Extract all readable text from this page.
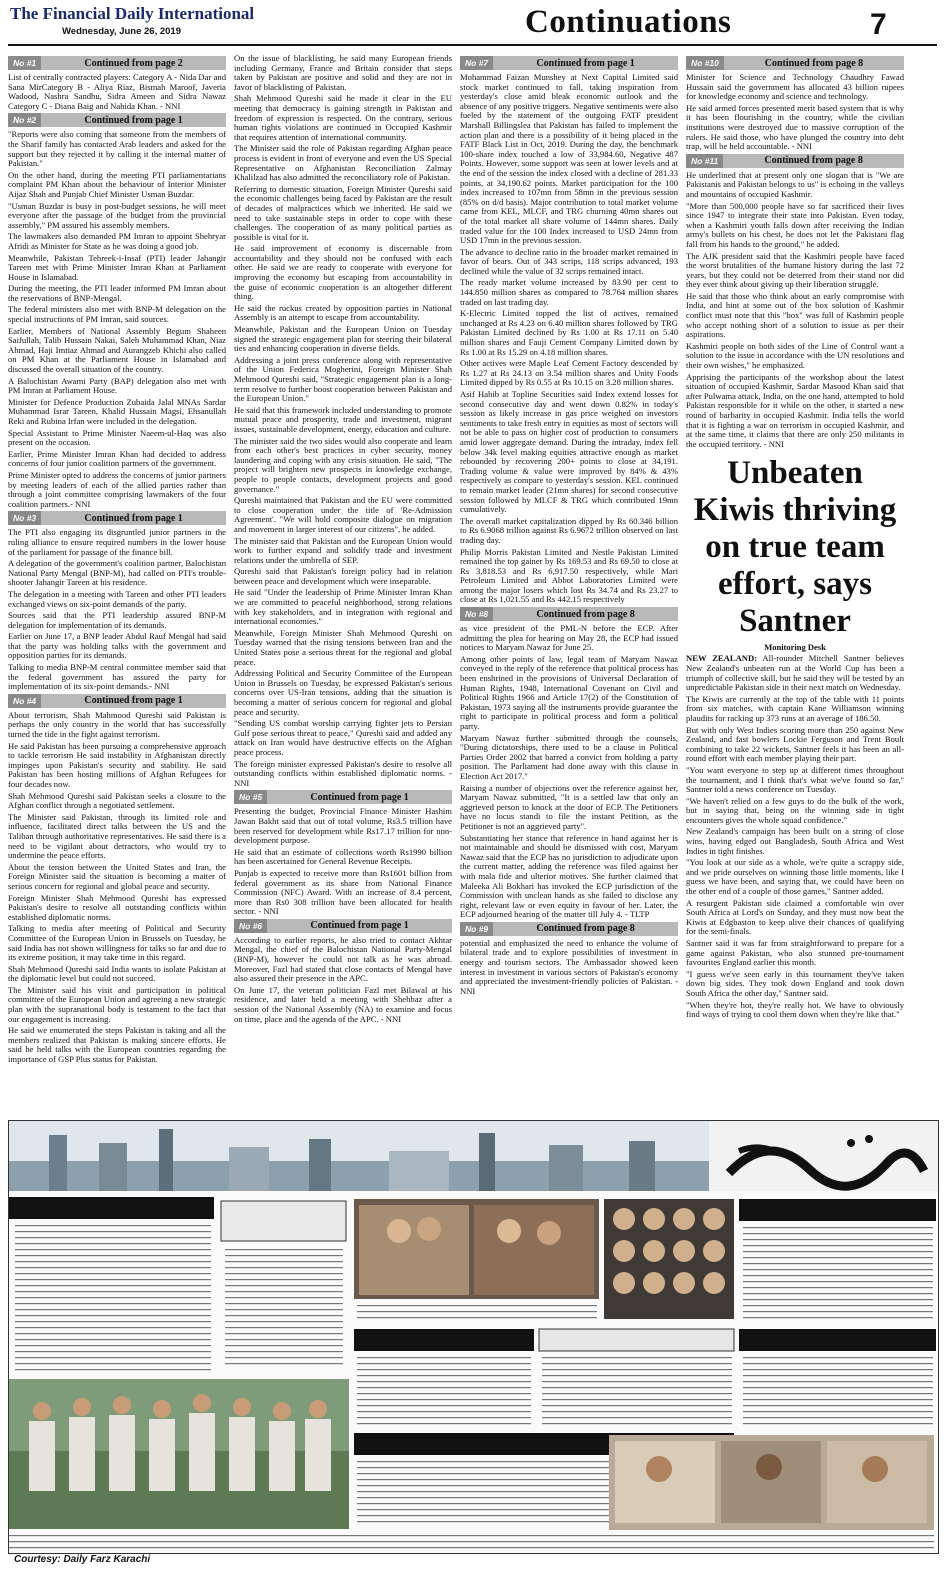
The Financial Daily International
Wednesday, June 26, 2019	Continuations	7
No #1	Continued from page 2

List of centrally contracted players: Category A - Nida Dar and Sana MirCategory B - Aliya Riaz, Bismah Maroof, Javeria Wadood, Nashra Sandhu, Sidra Ameen and Sidra Nawaz Category C - Diana Baig and Nahida Khan. - NNI

No #2	Continued from page 1

"Reports were also coming that someone from the members of the Sharif family has contacted Arab leaders and asked for the support but they rejected it by calling it the internal matter of Pakistan."

On the other hand, during the meeting PTI parliamentarians complaint PM Khan about the behaviour of Interior Minister Aijaz Shah and Punjab Chief Minister Usman Buzdar.

"Usman Buzdar is busy in post-budget sessions, he will meet everyone after the passage of the budget from the provincial assembly," PM assured his assembly members.

The lawmakers also demanded PM Imran to appoint Shehryar Afridi as Minister for State as he was doing a good job.

Meanwhile, Pakistan Tehreek-i-Insaf (PTI) leader Jahangir Tareen met with Prime Minister Imran Khan at Parliament House in Islamabad.

During the meeting, the PTI leader informed PM Imran about the reservations of BNP-Mengal.

The federal ministers also met with BNP-M delegation on the special instructions of PM Imran, said sources.

Earlier, Members of National Assembly Begum Shaheen Saifullah, Talib Hussain Nakai, Saleh Muhammad Khan, Niaz Ahmad, Haji Imtiaz Ahmad and Aurangzeb Khichi also called on PM Khan at the Parliament House in Islamabad and discussed the overall situation of the country.

A Balochistan Awami Party (BAP) delegation also met with PM Imran at Parliament House.

Minister for Defence Production Zubaida Jalal MNAs Sardar Muhammad Israr Tareen, Khalid Hussain Magsi, Ehsanullah Reki and Rubina Irfan were included in the delegation.

Special Assistant to Prime Minister Naeem-ul-Haq was also present on the occasion.

Earlier, Prime Minister Imran Khan had decided to address concerns of four junior coalition partners of the government.

Prime Minister opted to address the concerns of junior partners by meeting leaders of each of the allied parties rather than through a joint committee comprising lawmakers of the four coalition partners.- NNI

No #3	Continued from page 1

The PTI also engaging its disgruntled junior partners in the ruling alliance to ensure required numbers in the lower house of the parliament for passage of the finance bill.

A delegation of the government's coalition partner, Balochistan National Party Mengal (BNP-M), had called on PTI's trouble-shooter Jahangir Tareen at his residence.

The delegation in a meeting with Tareen and other PTI leaders exchanged views on six-point demands of the party.

Sources said that the PTI leadership assured BNP-M delegation for implementation of its demands.

Earlier on June 17, a BNP leader Abdul Rauf Mengal had said that the party was holding talks with the government and opposition parties for its demands.

Talking to media BNP-M central committee member said that the federal government has assured the party for implementation of its six-point demands.- NNI

No #4	Continued from page 1

About terrorism, Shah Mahmood Qureshi said Pakistan is perhaps the only country in the world that has successfully turned the tide in the fight against terrorism.

He said Pakistan has been pursuing a comprehensive approach to tackle terrorism He said instability in Afghanistan directly impinges upon Pakistan's security and stability. He said Pakistan has been hosting millions of Afghan Refugees for four decades now.

Shah Mehmood Qureshi said Pakistan seeks a closure to the Afghan conflict through a negotiated settlement.

The Minister said Pakistan, through its limited role and influence, facilitated direct talks between the US and the Taliban through authoritative representatives. He said there is a need to be vigilant about detractors, who would try to undermine the peace efforts.

About the tension between the United States and Iran, the Foreign Minister said the situation is becoming a matter of serious concern for regional and global peace and security.

Foreign Minister Shah Mehmood Qureshi has expressed Pakistan's desire to resolve all outstanding conflicts within established diplomatic norms.

Talking to media after meeting of Political and Security Committee of the European Union in Brussels on Tuesday, he said India has not shown willingness for talks so far and due to its extreme position, it may take time in this regard.

Shah Mehmood Qureshi said India wants to isolate Pakistan at the diplomatic level but could not succeed.

The Minister said his visit and participation in political committee of the European Union and agreeing a new strategic plan with the supranational body is testament to the fact that our engagement is increasing.

He said we enumerated the steps Pakistan is taking and all the members realized that Pakistan is making sincere efforts. He said he held talks with the European countries regarding the importance of GSP Plus status for Pakistan.

On the issue of blacklisting, he said many European friends including Germany, France and Britain consider that steps taken by Pakistan are positive and solid and they are not in favor of blacklisting of Pakistan.

Shah Mehmood Qureshi said he made it clear in the EU meeting that democracy is gaining strength in Pakistan and freedom of expression is respected. On the contrary, serious human rights violations are continued in Occupied Kashmir that requires attention of international community.

The Minister said the role of Pakistan regarding Afghan peace process is evident in front of everyone and even the US Special Representative on Afghanistan Reconciliation Zalmay Khalilzad has also admitted the reconciliatory role of Pakistan.

Referring to domestic situation, Foreign Minister Qureshi said the economic challenges being faced by Pakistan are the result of decades of malpractices which we inherited. He said we need to take sustainable steps in order to cope with these challenges. The cooperation of as many political parties as possible is vital for it.

He said improvement of economy is discernable from accountability and they should not be confused with each other. He said we are ready to cooperate with everyone for improving the economy but escaping from accountability in the guise of economic cooperation is an altogether different thing.

He said the ruckus created by opposition parties in National Assembly is an attempt to escape from accountability.

Meanwhile, Pakistan and the European Union on Tuesday signed the strategic engagement plan for steering their bilateral ties and enhancing cooperation in diverse fields.

Addressing a joint press conference along with representative of the Union Federica Mogherini, Foreign Minister Shah Mehmood Qureshi said, "Strategic engagement plan is a long-term resolve to further boost cooperation between Pakistan and the European Union."

He said that this framework included understanding to promote mutual peace and prosperity, trade and investment, migrant issues, sustainable development, energy, education and culture.

The minister said the two sides would also cooperate and learn from each other's best practices in cyber security, money laundering and coping with any crisis situation. He said, "The project will brighten new prospects in knowledge exchange, people to people contacts, development projects and good governance."

Qureshi maintained that Pakistan and the EU were committed to close cooperation under the title of 'Re-Admission Agreement'. "We will hold composite dialogue on migration and movement in larger interest of our citizens", he added.

The minister said that Pakistan and the European Union would work to further expand and solidify trade and investment relations under the umbrella of SEP.

Qureshi said that Pakistan's foreign policy had in relation between peace and development which were inseparable.

He said "Under the leadership of Prime Minister Imran Khan we are committed to peaceful neighborhood, strong relations with key stakeholders, and in integration with regional and international economies."

Meanwhile, Foreign Minister Shah Mehmood Qureshi on Tuesday warned that the rising tensions between Iran and the United States pose a serious threat for the regional and global peace.

Addressing Political and Security Committee of the European Union in Brussels on Tuesday, he expressed Pakistan's serious concerns over US-Iran tensions, adding that the situation is becoming a matter of serious concern for regional and global peace and security.

"Sending US combat worship carrying fighter jets to Persian Gulf pose serious threat to peace," Qureshi said and added any attack on Iran would have destructive effects on the Afghan peace process.

The foreign minister expressed Pakistan's desire to resolve all outstanding conflicts within established diplomatic norms. - NNI

No #5	Continued from page 1

Presenting the budget, Provincial Finance Minister Hashim Jawan Bakht said that out of total volume, Rs3.5 trillion have been reserved for development while Rs17.17 trillion for non-development purpose.

He said that an estimate of collections worth Rs1990 billion has been ascertained for General Revenue Receipts.

Punjab is expected to receive more than Rs1601 billion from federal government as its share from National Finance Commission (NFC) Award. With an increase of 8.4 percent, more than Rs0 308 trillion have been allocated for health sector. - NNI

No #6	Continued from page 1

According to earlier reports, he also tried to contact Akhtar Mengal, the chief of the Balochistan National Party-Mengal (BNP-M), however he could not talk as he was abroad. Moreover, Fazl had stated that close contacts of Mengal have also assured their presence in the APC.

On June 17, the veteran politician Fazl met Bilawal at his residence, and later held a meeting with Shehbaz after a session of the National Assembly (NA) to examine and focus on time, place and the agenda of the APC. - NNI

No #7	Continued from page 1

Mohammad Faizan Munshey at Next Capital Limited said stock market continued to fall, taking inspiration from yesterday's close amid bleak economic outlook and the absence of any positive triggers. Negative sentiments were also fueled by the statement of the outgoing FATF president Marshall Billingslea that Pakistan has failed to implement the action plan and there is a possibility of it being placed in the FATF Black List in Oct, 2019. During the day, the benchmark 100-share index touched a low of 33,984.60, Negative 487 Points. However, some support was seen at lower levels and at the end of the session the index closed with a decline of 281.33 points, at 34,190.62 points. Market participation for the 100 index increased to 107mn from 58mn in the previous session (85% on d/d basis). Major contribution to total market volume came from KEL, MLCF, and TRG churning 40mn shares out of the total market all share volume of 144mn shares. Daily traded value for the 100 Index increased to USD 24mn from USD 17mn in the previous session.

The advance to decline ratio in the broader market remained in favor of bears. Out of 343 scrips, 118 scrips advanced, 193 declined while the value of 32 scrips remained intact.

The ready market volume increased by 83.90 per cent to 144.850 million shares as compared to 78.764 million shares traded on last trading day.

K-Electric Limited topped the list of actives, remained unchanged at Rs 4.23 on 6.40 million shares followed by TRG Pakistan Limited declined by Rs 1.00 at Rs 17.11 on 5.40 million shares and Fauji Cement Company Limited down by Rs 1.00 at Rs 15.29 on 4.18 million shares.

Other actives were Maple Leaf Cement Factory descended by Rs 1.27 at Rs 24.13 on 3.54 million shares and Unity Foods Limited dipped by Rs 0.55 at Rs 10.15 on 3.28 million shares.

Asif Habib at Topline Securities said Index extend losses for second consecutive day and went down 0.82% in today's session as likely increase in gas price weighed on investors sentiments to take fresh entry in equities as most of sectors will not be able to pass on higher cost of production to consumers amid lower aggregate demand. During the intraday, index fell below 34k level making equities attractive enough as market rebounded by recovering 200+ points to close at 34,191. Trading volume & value were improved by 84% & 43% respectively as compare to yesterday's session. KEL continued to remain market leader (21mn shares) for second consecutive session followed by MLCF & TRG which contributed 19mn cumulatively.

The overall market capitalization dipped by Rs 60.346 billion to Rs 6.9068 trillion against Rs 6.9672 trillion observed on last trading day.

Philip Morris Pakistan Limited and Nestle Pakistan Limited remained the top gainer by Rs 169.53 and Rs 69.50 to close at Rs 3,818.53 and Rs 6,917.50 respectively, while Mari Petroleum Limited and Abbot Laboratories Limited were among the major losers which lost Rs 34.74 and Rs 23.27 to close at Rs 1,021.55 and Rs 442.15 respectively

No #8	Continued from page 8

as vice president of the PML-N before the ECP. After admitting the plea for hearing on May 28, the ECP had issued notices to Maryam Nawaz for June 25.

Among other points of law, legal team of Maryam Nawaz conveyed in the reply of the reference that political process has been enshrined in the provisions of Universal Declaration of Human Rights, 1948, International Covenant on Civil and Political Rights 1966 and Article 17(2) of the Constitution of Pakistan, 1973 saying all the instruments provide guarantee the right to participate in political process and form a political party.

Maryam Nawaz further submitted through the counsels, "During dictatorships, there used to be a clause in Political Parties Order 2002 that barred a convict from holding a party position. The Parliament had done away with this clause in Election Act 2017."

Raising a number of objections over the reference against her, Maryam Nawaz submitted, "It is a settled law that only an aggrieved person to knock at the door of ECP. The Petitioners have no locus standi to file the instant Petition, as the Petitioner is not an aggrieved party".

Substantiating her stance that reference in hand against her is not maintainable and should be dismissed with cost, Maryam Nawaz said that the ECP has no jurisdiction to adjudicate upon the current matter, adding the reference was filed against her with mala fide and ulterior motives. She further claimed that Maleeka Ali Bokhari has invoked the ECP jurisdiction of the Commission with unclean hands as she failed to disclose any right, relevant law or even equity in favour of her. Later, the ECP adjourned hearing of the matter till July 4. - TLTP

No #9	Continued from page 8

potential and emphasized the need to enhance the volume of bilateral trade and to explore possibilities of investment in energy and tourism sectors. The Ambassador showed keen interest in investment in various sectors of Pakistan's economy and appreciated the investment-friendly policies of Pakistan. - NNI

No #10	Continued from page 8

Minister for Science and Technology Chaudhry Fawad Hussain said the government has allocated 43 billion rupees for knowledge economy and science and technology.

He said armed forces presented merit based system that is why it has been flourishing in the country, while the civilian institutions were destroyed due to massive corruption of the rulers. He said those, who have plunged the country into debt trap, will be held accountable. - NNI

No #11	Continued from page 8

He underlined that at present only one slogan that is "We are Pakistanis and Pakistan belongs to us" is echoing in the valleys and mountains of occupied Kashmir.

"More than 500,000 people have so far sacrificed their lives since 1947 to integrate their state into Pakistan. Even today, when a Kashmiri youth falls down after receiving the Indian army's bullets on his chest, he does not let the Pakistani flag fall from his hands to the ground," he added.

The AJK president said that the Kashmiri people have faced the worst brutalities of the humane history during the last 72 years, but they could not be deterred from their stand nor did they ever think about giving up their liberation struggle.

He said that those who think about an early compromise with India, and hint at some out of the box solution of Kashmir conflict must note that this "box" was full of Kashmiri people who accept nothing short of a solution to issue as per their aspirations.

Kashmiri people on both sides of the Line of Control want a solution to the issue in accordance with the UN resolutions and their own wishes," he emphasized.

Apprising the participants of the workshop about the latest situation of occupied Kashmir, Sardar Masood Khan said that after Pulwama attack, India, on the one hand, attempted to hold Pakistan responsible for it while on the other, it started a new round of barbarity in occupied Kashmir. India tells the world that it is fighting a war on terrorism in occupied Kashmir, and at the same time, it claims that there are only 250 militants in the occupied territory. - NNI

Unbeaten Kiwis thriving on true team effort, says Santner
Monitoring Desk

NEW ZEALAND: All-rounder Mitchell Santner believes New Zealand's unbeaten run at the World Cup has been a triumph of collective skill, but he said they will be tested by an unpredictable Pakistan side in their next match on Wednesday.

The Kiwis are currently at the top of the table with 11 points from six matches, with captain Kane Williamson winning plaudits for racking up 373 runs at an average of 186.50.

But with only West Indies scoring more than 250 against New Zealand, and fast bowlers Lockie Ferguson and Trent Boult combining to take 22 wickets, Santner feels it has been an all-round effort with each member playing their part.

"You want everyone to step up at different times throughout the tournament, and I think that's what we've found so far," Santner told a news conference on Tuesday.

"We haven't relied on a few guys to do the bulk of the work, but in saying that, being on the winning side in tight encounters gives the whole squad confidence."

New Zealand's campaign has been built on a string of close wins, having edged out Bangladesh, South Africa and West Indies in tight finishes.

"You look at our side as a whole, we're quite a scrappy side, and we pride ourselves on winning those little moments, like I guess we have been, and saying that, we could have been on the other end of a couple of those games," Santner added.

A resurgent Pakistan side claimed a comfortable win over South Africa at Lord's on Sunday, and they must now beat the Kiwis at Edgbaston to keep alive their chances of qualifying for the semi-finals.

Santner said it was far from straightforward to prepare for a game against Pakistan, who also stunned pre-tournament favourites England earlier this month.

"I guess we've seen early in this tournament they've taken down big sides. They took down England and took down South Africa the other day," Santner said.

"When they're hot, they're really hot. We have to obviously find ways of trying to cool them down when they're like that."

Courtesy: Daily Farz Karachi
